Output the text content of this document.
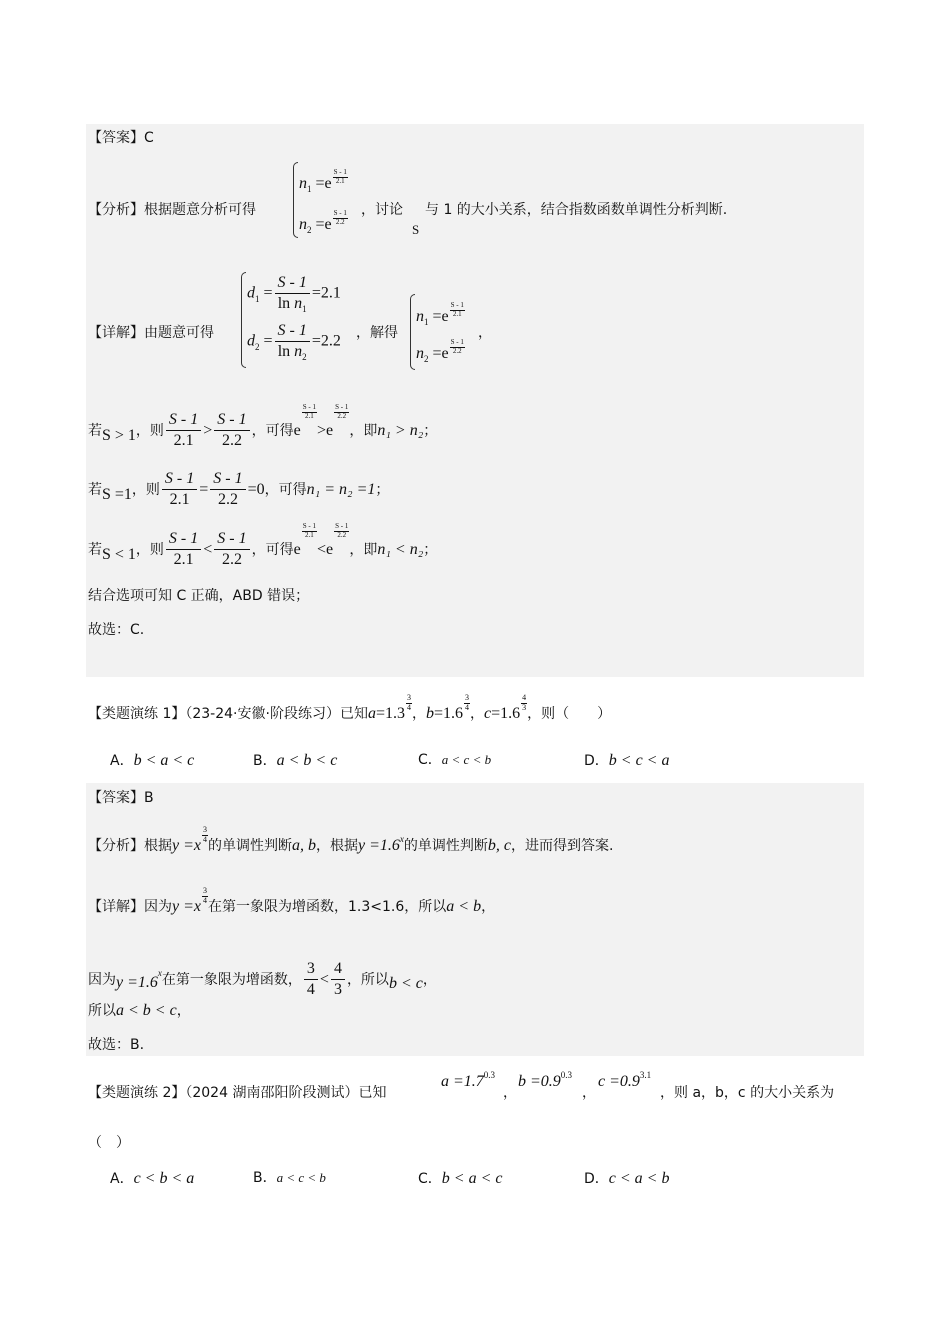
【答案】C
【分析】根据题意分析可得
$n_1 =e \frac{S - 1}{2.1}$
$n_2 =e \frac{S - 1}{2.2}$ ，讨论
S
与 1 的大小关系，结合指数函数单调性分析判断.
【详解】由题意可得
$d_1 = \frac{S - 1}{\ln n_1} =2.1$
$d_2 = \frac{S - 1}{\ln n_2} =2.2$ ，解得
$n_1 =e \frac{S - 1}{2.1}$
$n_2 =e \frac{S - 1}{2.2}$
，
若S > 1，则 $\frac{S - 1}{2.1} > \frac{S - 1}{2.2}$ ，可得e
$\frac{S - 1}{2.1}$
>e
$\frac{S - 1}{2.2}$
，即n₁ > n₂；
若S =1，则 $\frac{S - 1}{2.1} = \frac{S - 1}{2.2} =0$，可得n₁ = n₂ =1；
若S < 1，则 $\frac{S - 1}{2.1} < \frac{S - 1}{2.2}$ ，可得e
$\frac{S - 1}{2.1}$
<e
$\frac{S - 1}{2.2}$
，即n₁ < n₂；
结合选项可知 C 正确，ABD 错误；
故选：C.
【类题演练 1】（23-24·安徽·阶段练习）已知a=1.3
$\frac{3}{4}$
，b=1.6
$\frac{3}{4}$
，c=1.6
$\frac{4}{3}$
，则（　　）
A．b < a < c	B．a < b < c	C．a < c < b	D．b < c < a
【答案】B
【分析】根据y =x
$\frac{3}{4}$
的单调性判断a, b，根据$y =1.6^x$的单调性判断b, c，进而得到答案.
【详解】因为y =x
$\frac{3}{4}$
在第一象限为增函数，1.3<1.6，所以a < b，
因为$y =1.6^x$在第一象限为增函数， $\frac{3}{4} < \frac{4}{3}$ ，所以b < c，
所以a < b < c，
故选：B.
【类题演练 2】（2024 湖南邵阳阶段测试）已知
$a =1.7^{0.3}$
，
$b =0.9^{0.3}$
，
$c =0.9^{3.1}$
，则 a，b，c 的大小关系为
（　）
A．c < b < a	B．a < c < b	C．b < a < c	D．c < a < b
